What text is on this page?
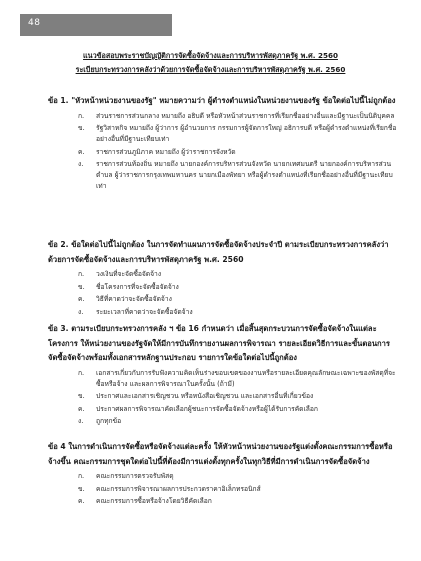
48
แนวข้อสอบพระราชบัญญัติการจัดซื้อจัดจ้างและการบริหารพัสดุภาครัฐ พ.ศ. 2560
ระเบียบกระทรวงการคลังว่าด้วยการจัดซื้อจัดจ้างและการบริหารพัสดุภาครัฐ พ.ศ. 2560
ข้อ 1. "หัวหน้าหน่วยงานของรัฐ" หมายความว่า ผู้ดำรงตำแหน่งในหน่วยงานของรัฐ ข้อใดต่อไปนี้ไม่ถูกต้อง
ก.	ส่วนราชการส่วนกลาง หมายถึง อธิบดี หรือหัวหน้าส่วนราชการที่เรียกชื่ออย่างอื่นและมีฐานะเป็นนิติบุคคล
ข.	รัฐวิสาหกิจ หมายถึง ผู้ว่าการ ผู้อำนวยการ กรรมการผู้จัดการใหญ่ อธิการบดี หรือผู้ดำรงตำแหน่งที่เรียกชื่ออย่างอื่นที่มีฐานะเทียบเท่า
ค.	ราชการส่วนภูมิภาค หมายถึง ผู้ว่าราชการจังหวัด
ง.	ราชการส่วนท้องถิ่น หมายถึง นายกองค์การบริหารส่วนจังหวัด นายกเทศมนตรี นายกองค์การบริหารส่วนตำบล ผู้ว่าราชการกรุงเทพมหานคร นายกเมืองพัทยา หรือผู้ดำรงตำแหน่งที่เรียกชื่ออย่างอื่นที่มีฐานะเทียบเท่า
ข้อ 2. ข้อใดต่อไปนี้ไม่ถูกต้อง ในการจัดทำแผนการจัดซื้อจัดจ้างประจำปี ตามระเบียบกระทรวงการคลังว่าด้วยการจัดซื้อจัดจ้างและการบริหารพัสดุภาครัฐ พ.ศ. 2560
ก.	วงเงินที่จะจัดซื้อจัดจ้าง
ข.	ชื่อโครงการที่จะจัดซื้อจัดจ้าง
ค.	วิธีที่คาดว่าจะจัดซื้อจัดจ้าง
ง.	ระยะเวลาที่คาดว่าจะจัดซื้อจัดจ้าง
ข้อ 3. ตามระเบียบกระทรวงการคลัง ฯ ข้อ 16 กำหนดว่า เมื่อสิ้นสุดกระบวนการจัดซื้อจัดจ้างในแต่ละโครงการ ให้หน่วยงานของรัฐจัดให้มีการบันทึกรายงานผลการพิจารณา รายละเอียดวิธีการและขั้นตอนการจัดซื้อจัดจ้างพร้อมทั้งเอกสารหลักฐานประกอบ รายการใดข้อใดต่อไปนี้ถูกต้อง
ก.	เอกสารเกี่ยวกับการรับฟังความคิดเห็นร่างขอบเขตของงานหรือรายละเอียดคุณลักษณะเฉพาะของพัสดุที่จะซื้อหรือจ้าง และผลการพิจารณาในครั้งนั้น (ถ้ามี)
ข.	ประกาศและเอกสารเชิญชวน หรือหนังสือเชิญชวน และเอกสารอื่นที่เกี่ยวข้อง
ค.	ประกาศผลการพิจารณาคัดเลือกผู้ชนะการจัดซื้อจัดจ้างหรือผู้ได้รับการคัดเลือก
ง.	ถูกทุกข้อ
ข้อ 4 ในการดำเนินการจัดซื้อหรือจัดจ้างแต่ละครั้ง ให้หัวหน้าหน่วยงานของรัฐแต่งตั้งคณะกรรมการซื้อหรือจ้างขึ้น คณะกรรมการชุดใดต่อไปนี้ที่ต้องมีการแต่งตั้งทุกครั้งในทุกวิธีที่มีการดำเนินการจัดซื้อจัดจ้าง
ก.	คณะกรรมการตรวจรับพัสดุ
ข.	คณะกรรมการพิจารณาผลการประกวดราคาอิเล็กทรอนิกส์
ค.	คณะกรรมการซื้อหรือจ้างโดยวิธีคัดเลือก
